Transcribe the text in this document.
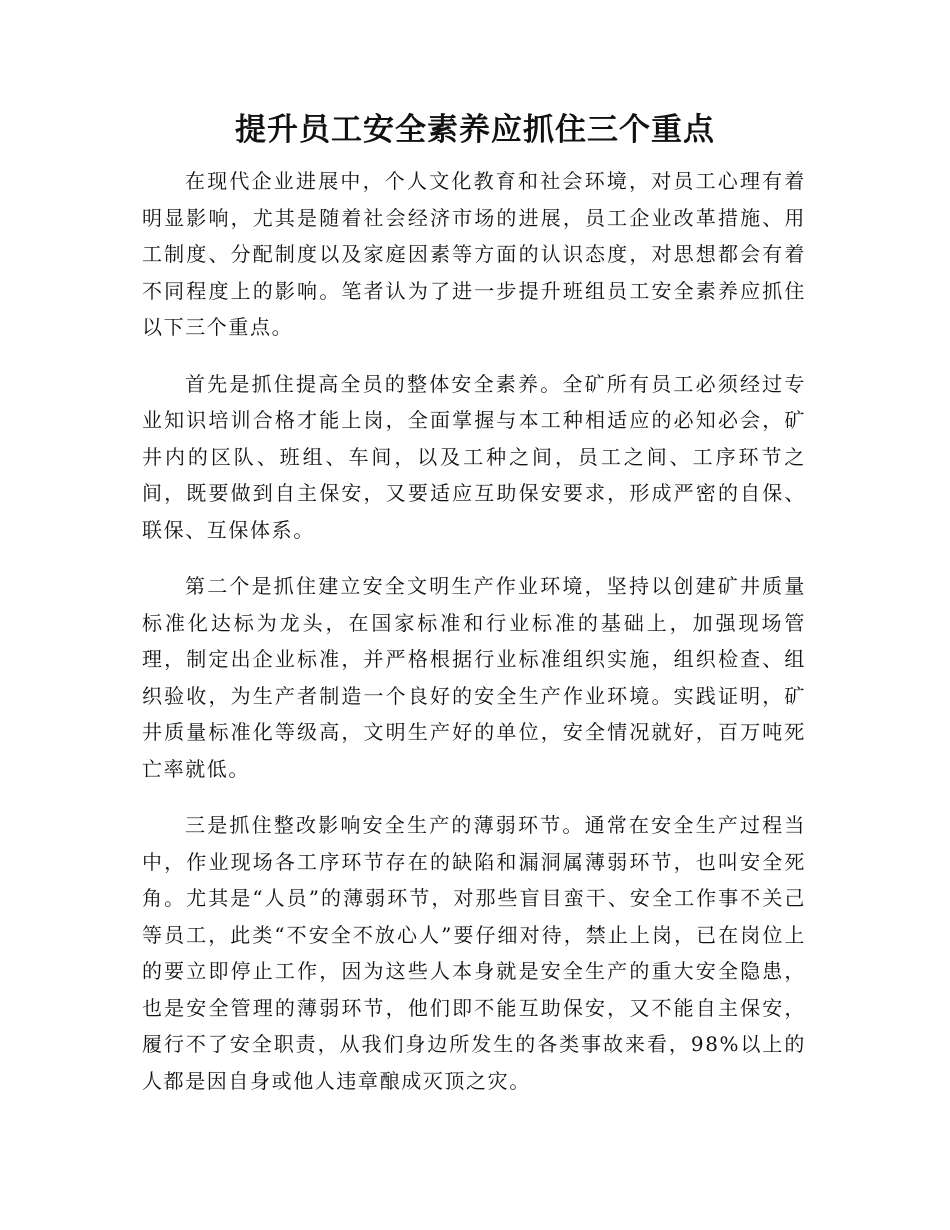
提升员工安全素养应抓住三个重点

在现代企业进展中，个人文化教育和社会环境，对员工心理有着明显影响，尤其是随着社会经济市场的进展，员工企业改革措施、用工制度、分配制度以及家庭因素等方面的认识态度，对思想都会有着不同程度上的影响。笔者认为了进一步提升班组员工安全素养应抓住以下三个重点。

首先是抓住提高全员的整体安全素养。全矿所有员工必须经过专业知识培训合格才能上岗，全面掌握与本工种相适应的必知必会，矿井内的区队、班组、车间，以及工种之间，员工之间、工序环节之间，既要做到自主保安，又要适应互助保安要求，形成严密的自保、联保、互保体系。

第二个是抓住建立安全文明生产作业环境，坚持以创建矿井质量标准化达标为龙头，在国家标准和行业标准的基础上，加强现场管理，制定出企业标准，并严格根据行业标准组织实施，组织检查、组织验收，为生产者制造一个良好的安全生产作业环境。实践证明，矿井质量标准化等级高，文明生产好的单位，安全情况就好，百万吨死亡率就低。

三是抓住整改影响安全生产的薄弱环节。通常在安全生产过程当中，作业现场各工序环节存在的缺陷和漏洞属薄弱环节，也叫安全死角。尤其是“人员”的薄弱环节，对那些盲目蛮干、安全工作事不关己等员工，此类“不安全不放心人”要仔细对待，禁止上岗，已在岗位上的要立即停止工作，因为这些人本身就是安全生产的重大安全隐患，也是安全管理的薄弱环节，他们即不能互助保安，又不能自主保安，履行不了安全职责，从我们身边所发生的各类事故来看，98%以上的人都是因自身或他人违章酿成灭顶之灾。
